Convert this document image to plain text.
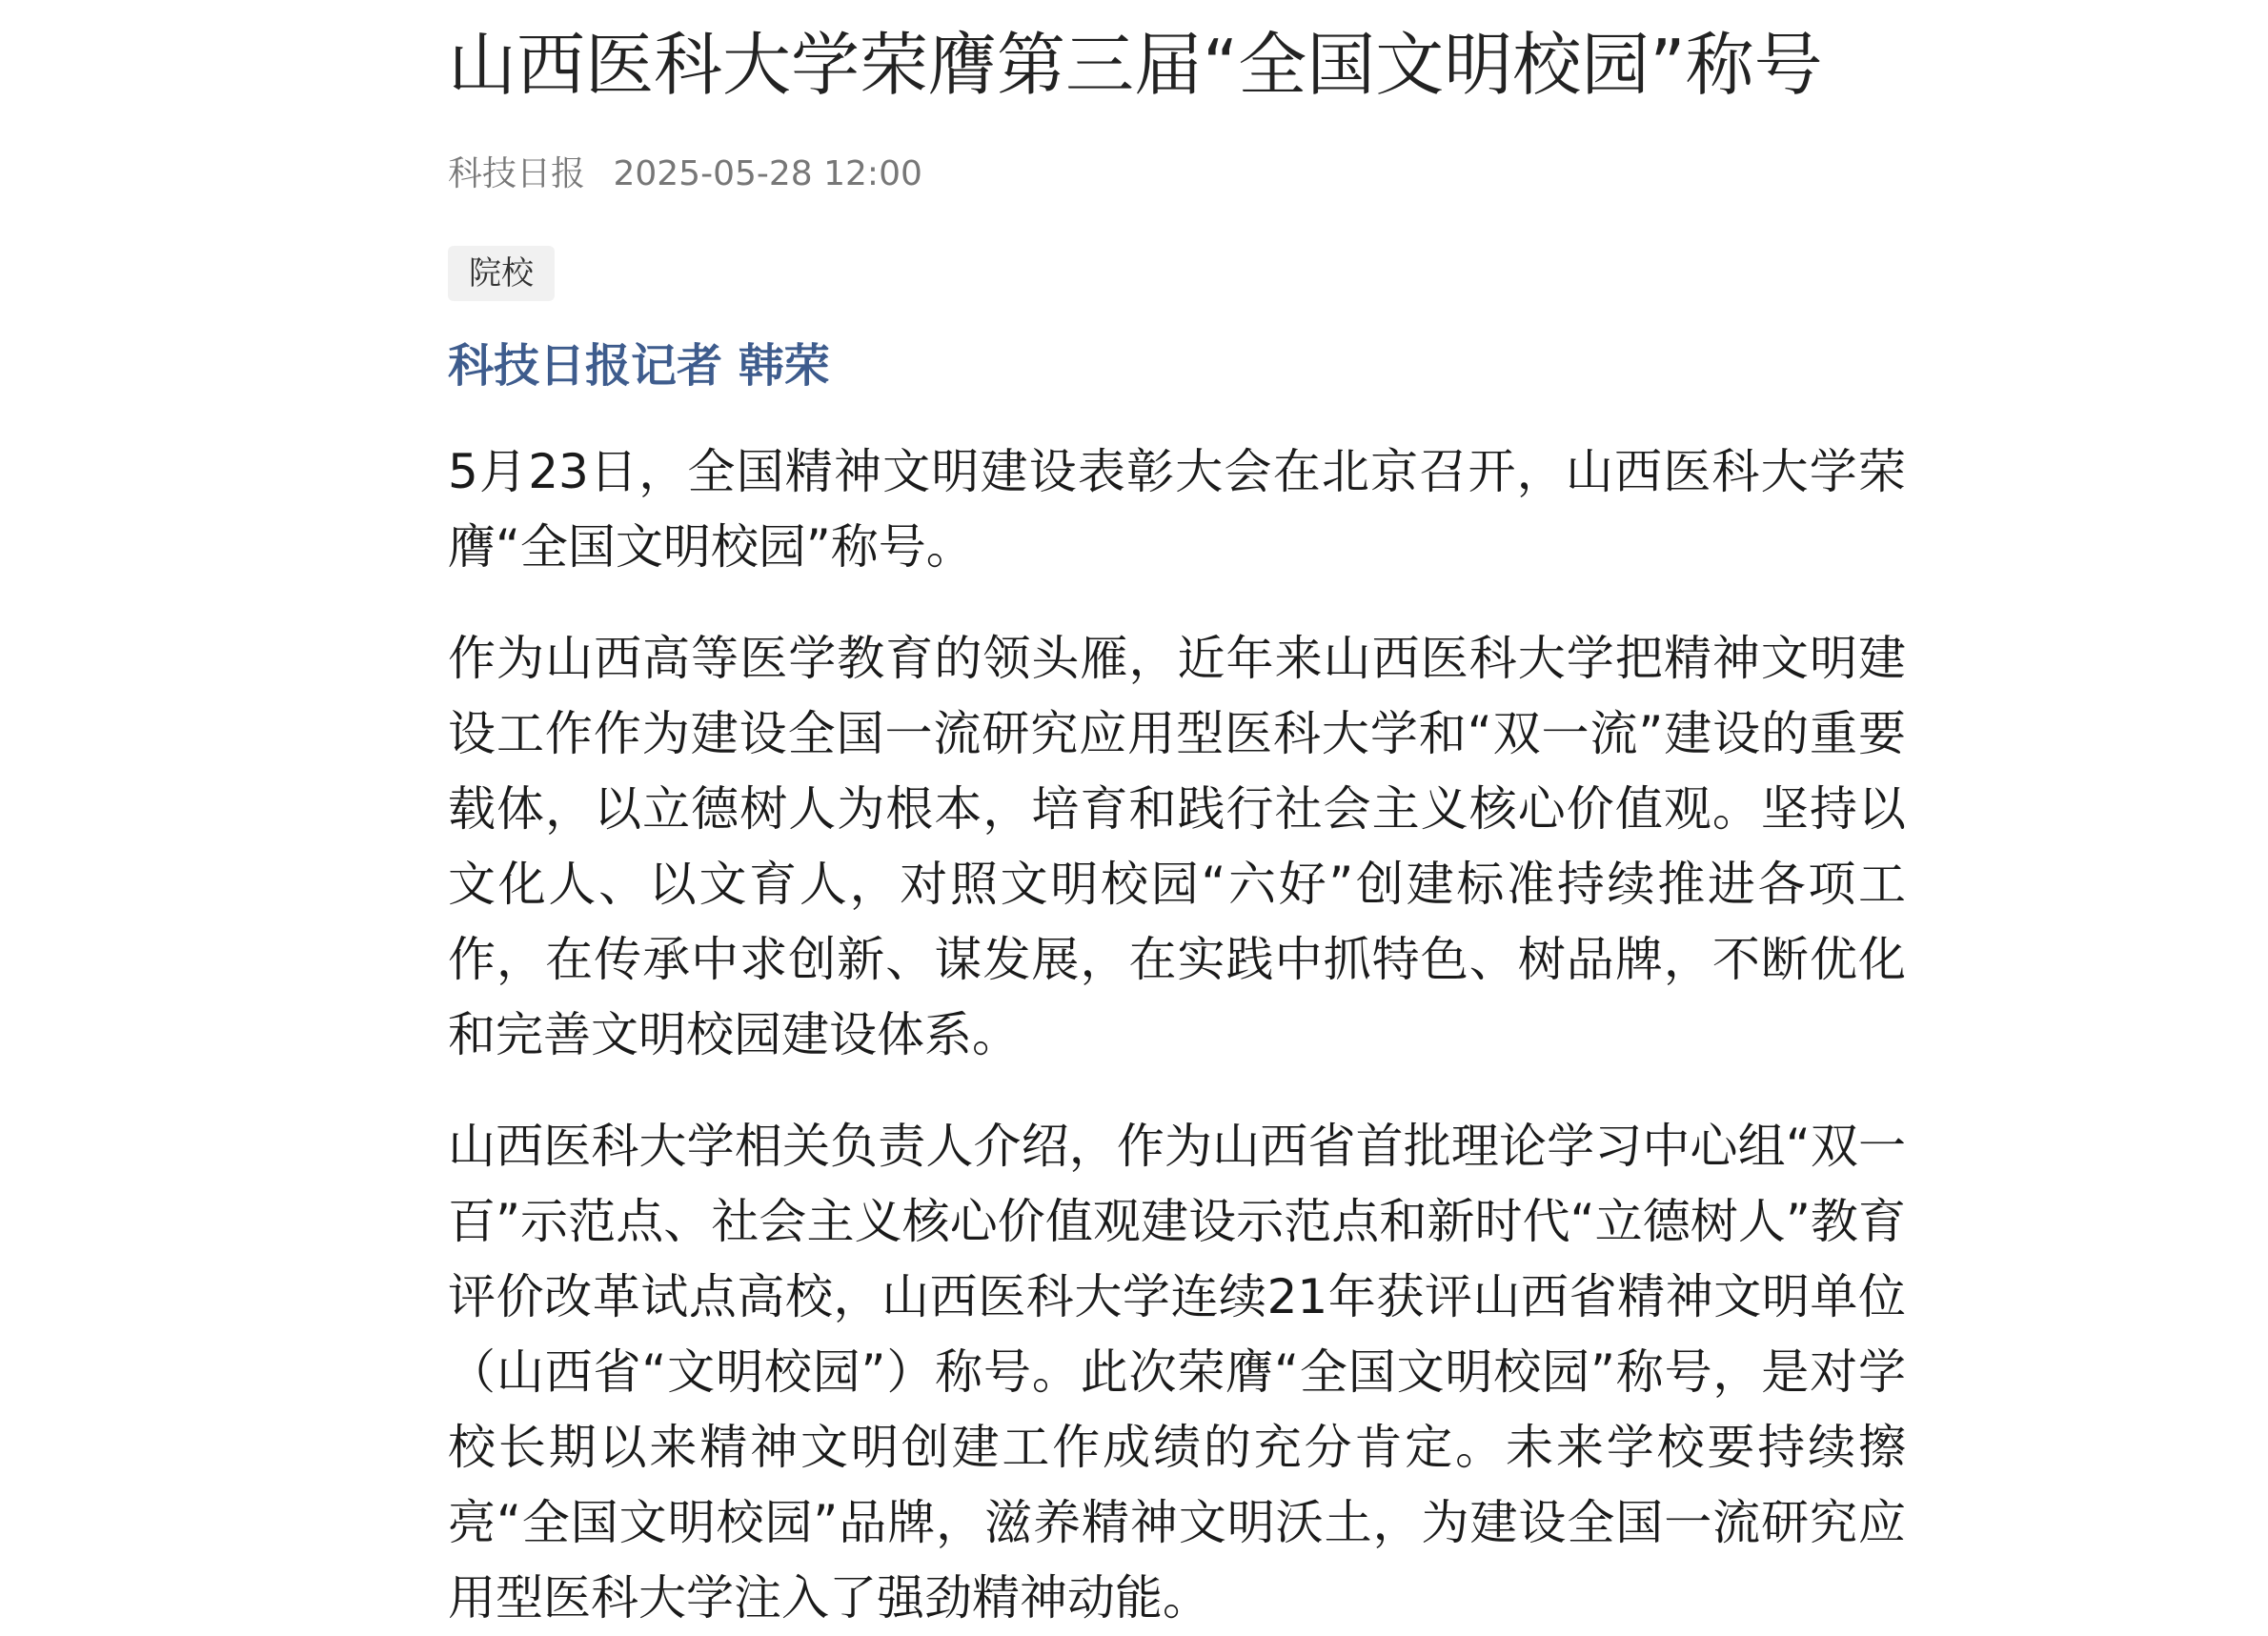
山西医科大学荣膺第三届“全国文明校园”称号
科技日报 2025-05-28 12:00
院校
科技日报记者 韩荣

5月23日，全国精神文明建设表彰大会在北京召开，山西医科大学荣膺“全国文明校园”称号。

作为山西高等医学教育的领头雁，近年来山西医科大学把精神文明建设工作作为建设全国一流研究应用型医科大学和“双一流”建设的重要载体，以立德树人为根本，培育和践行社会主义核心价值观。坚持以文化人、以文育人，对照文明校园“六好”创建标准持续推进各项工作，在传承中求创新、谋发展，在实践中抓特色、树品牌，不断优化和完善文明校园建设体系。

山西医科大学相关负责人介绍，作为山西省首批理论学习中心组“双一百”示范点、社会主义核心价值观建设示范点和新时代“立德树人”教育评价改革试点高校，山西医科大学连续21年获评山西省精神文明单位（山西省“文明校园”）称号。此次荣膺“全国文明校园”称号，是对学校长期以来精神文明创建工作成绩的充分肯定。未来学校要持续擦亮“全国文明校园”品牌，滋养精神文明沃土，为建设全国一流研究应用型医科大学注入了强劲精神动能。
